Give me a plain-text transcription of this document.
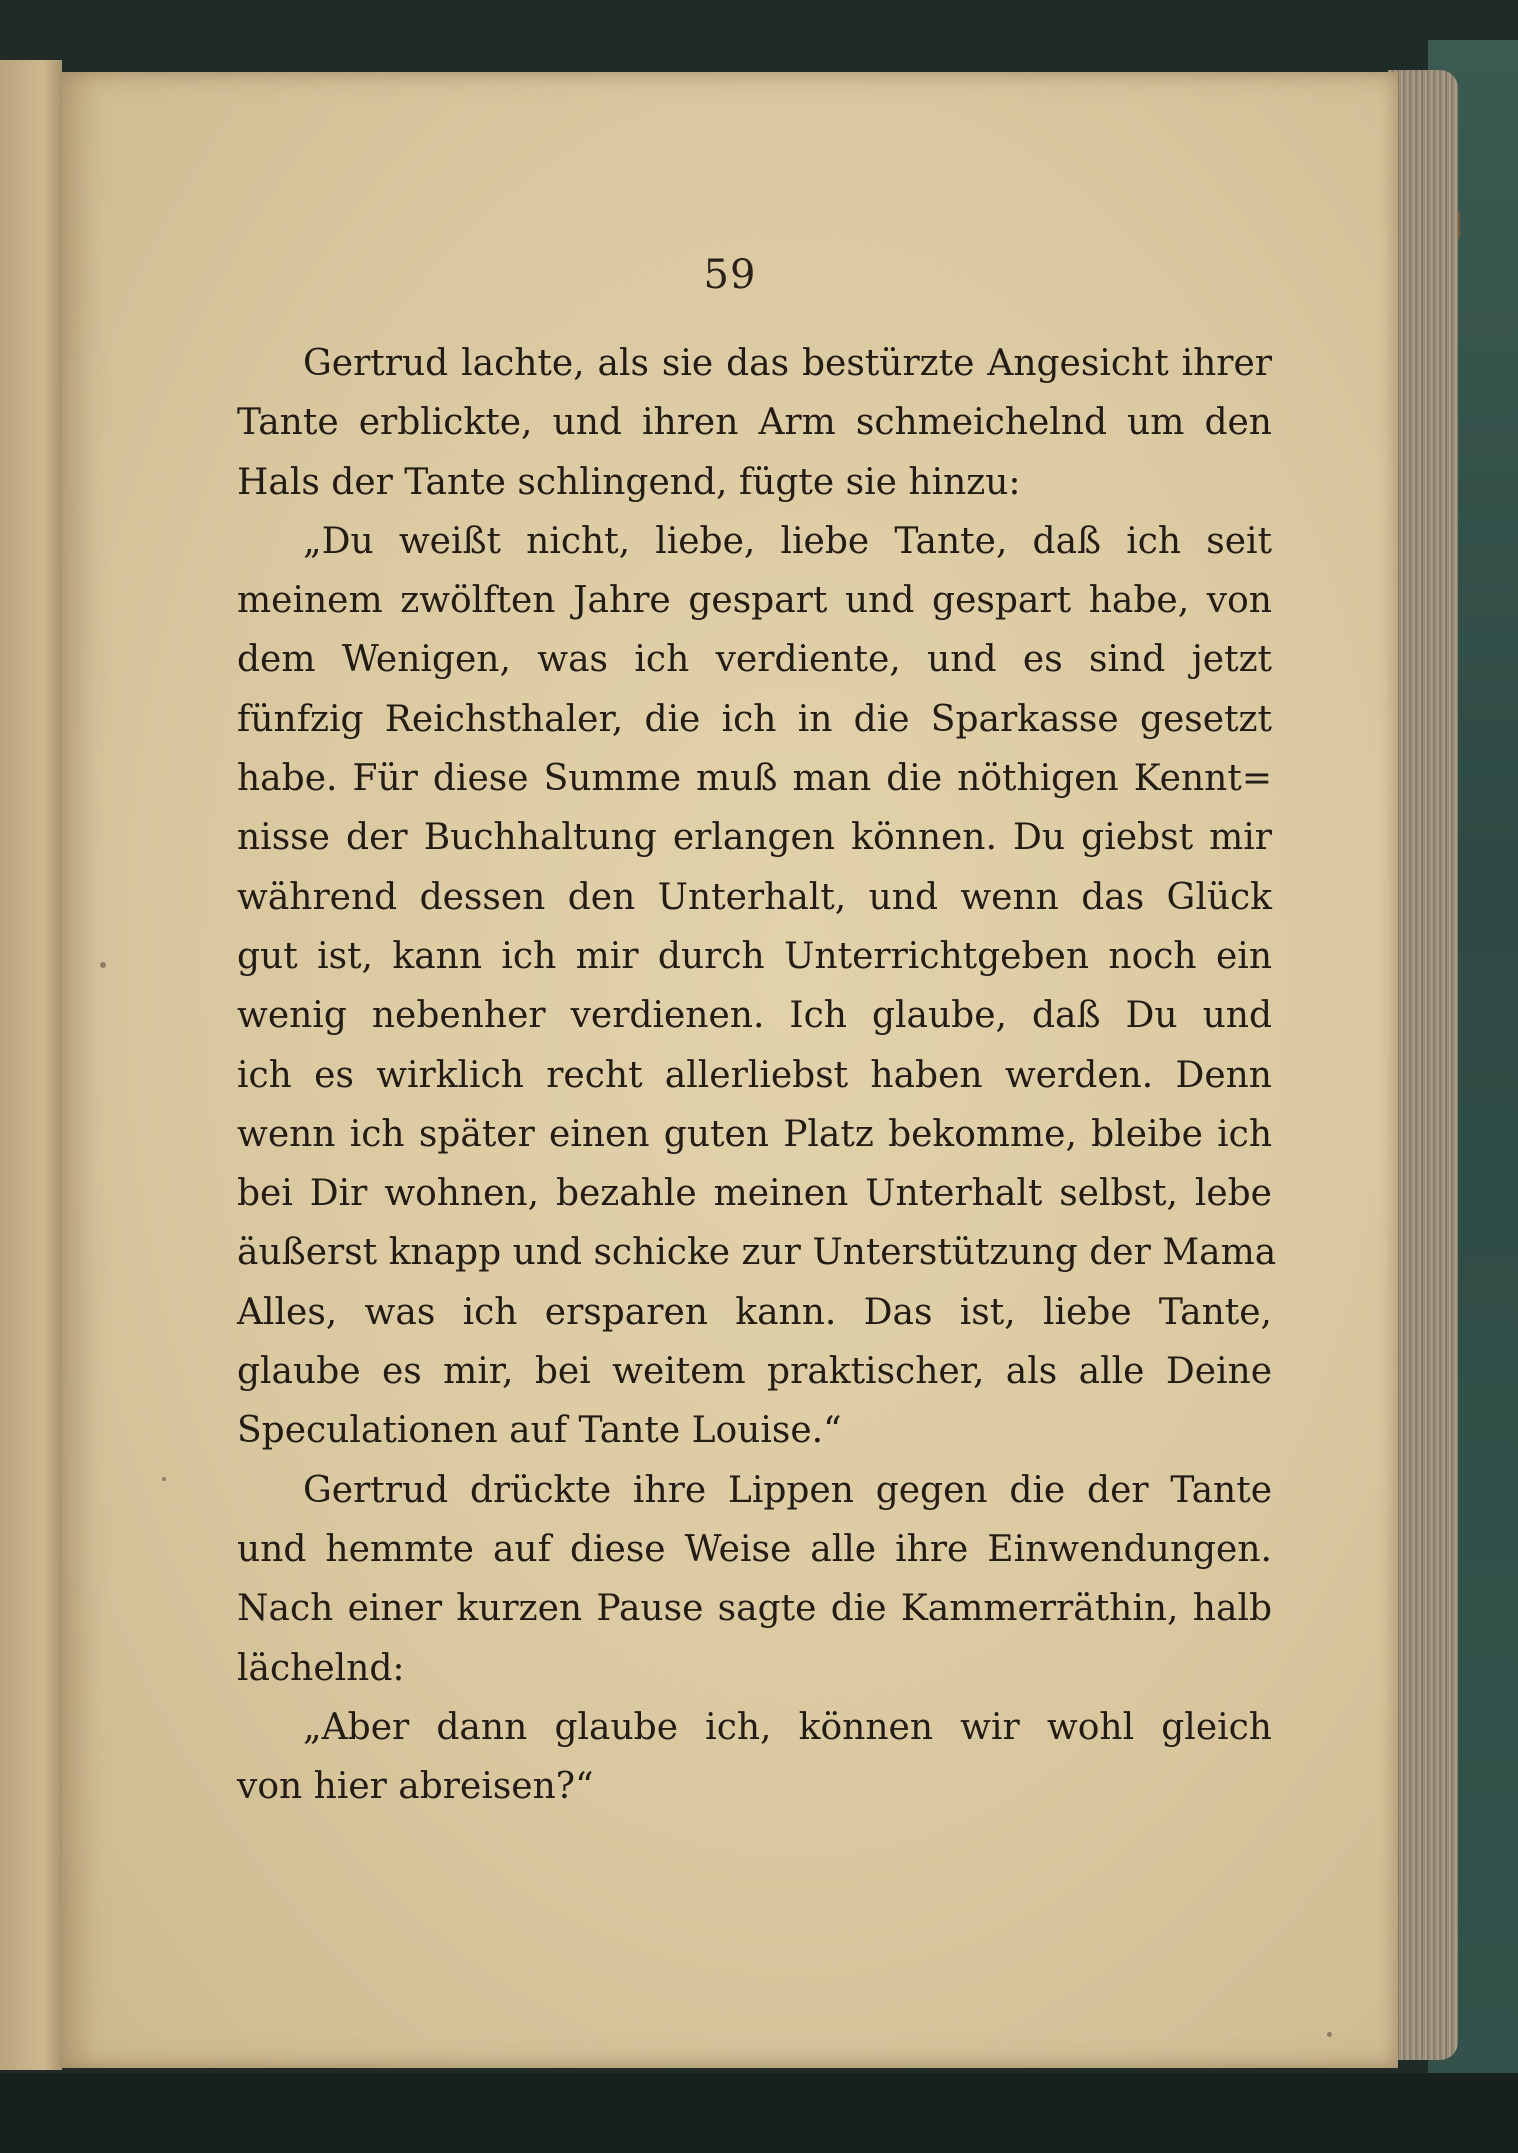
59
Gertrud lachte, als sie das bestürzte Angesicht ihrer
Tante erblickte, und ihren Arm schmeichelnd um den
Hals der Tante schlingend, fügte sie hinzu:
„Du weißt nicht, liebe, liebe Tante, daß ich seit
meinem zwölften Jahre gespart und gespart habe, von
dem Wenigen, was ich verdiente, und es sind jetzt
fünfzig Reichsthaler, die ich in die Sparkasse gesetzt
habe. Für diese Summe muß man die nöthigen Kennt=
nisse der Buchhaltung erlangen können. Du giebst mir
während dessen den Unterhalt, und wenn das Glück
gut ist, kann ich mir durch Unterrichtgeben noch ein
wenig nebenher verdienen. Ich glaube, daß Du und
ich es wirklich recht allerliebst haben werden. Denn
wenn ich später einen guten Platz bekomme, bleibe ich
bei Dir wohnen, bezahle meinen Unterhalt selbst, lebe
äußerst knapp und schicke zur Unterstützung der Mama
Alles, was ich ersparen kann. Das ist, liebe Tante,
glaube es mir, bei weitem praktischer, als alle Deine
Speculationen auf Tante Louise.“
Gertrud drückte ihre Lippen gegen die der Tante
und hemmte auf diese Weise alle ihre Einwendungen.
Nach einer kurzen Pause sagte die Kammerräthin, halb
lächelnd:
„Aber dann glaube ich, können wir wohl gleich
von hier abreisen?“
